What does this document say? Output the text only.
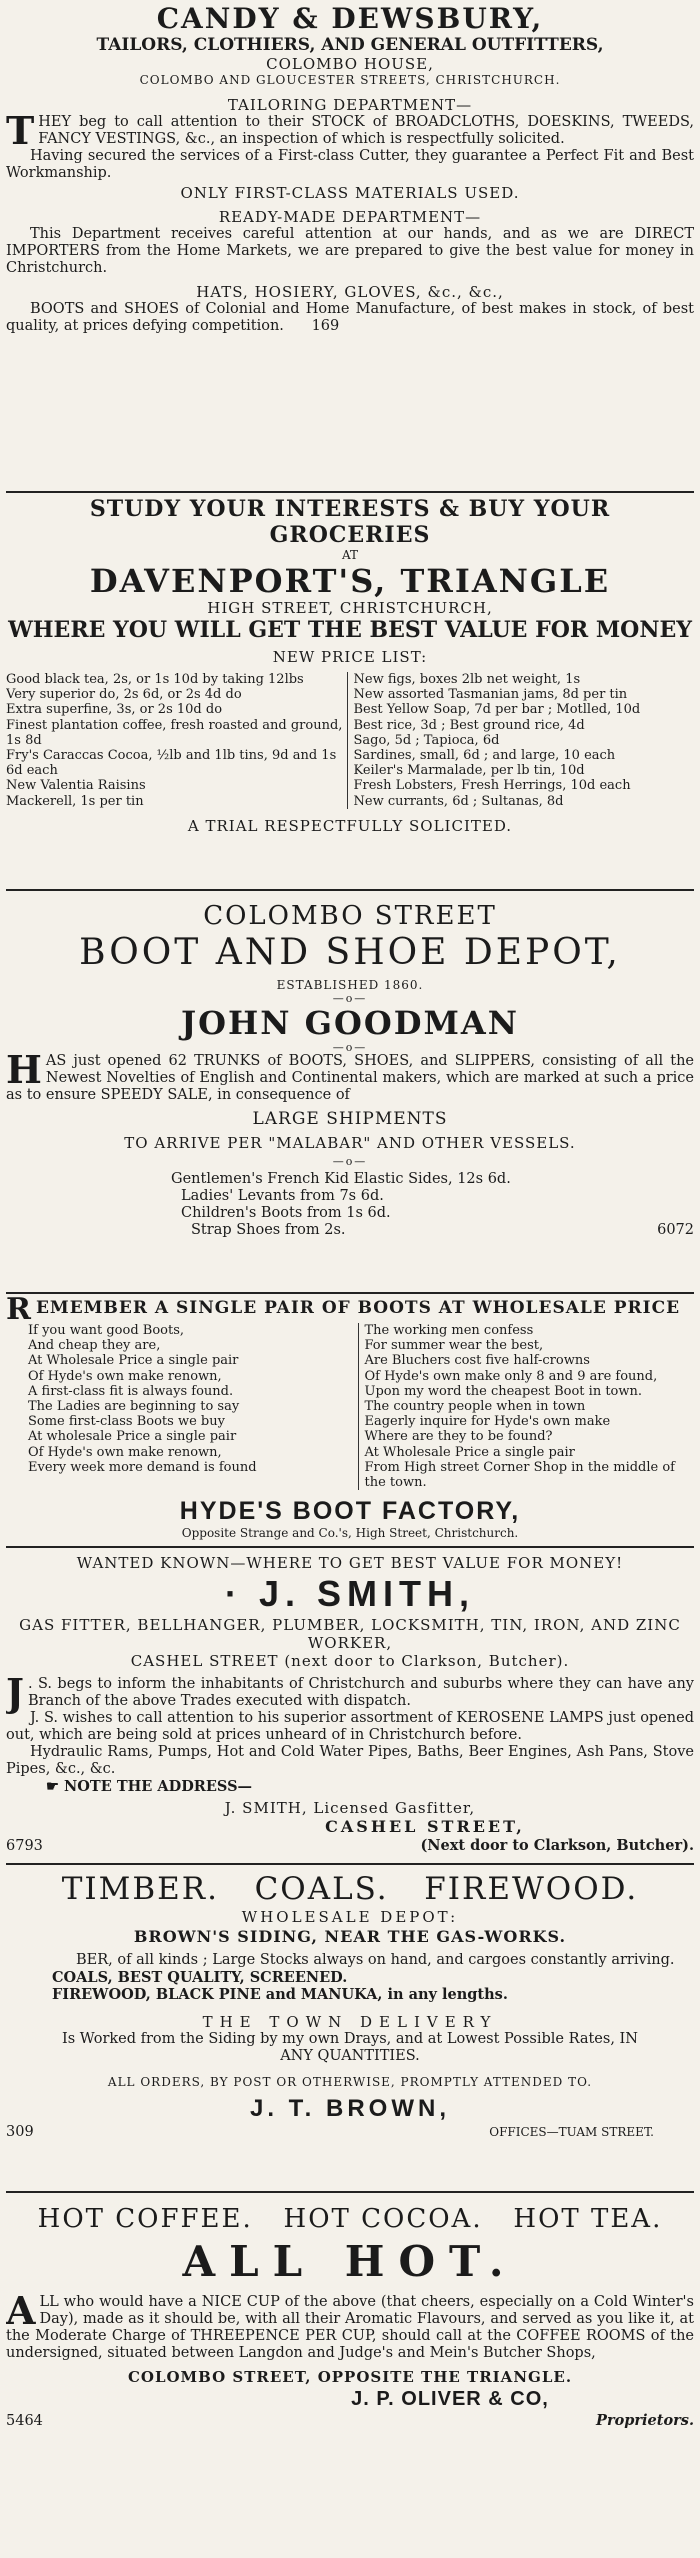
CANDY & DEWSBURY,
TAILORS, CLOTHIERS, AND GENERAL OUTFITTERS,
COLOMBO HOUSE,
COLOMBO AND GLOUCESTER STREETS, CHRISTCHURCH.
TAILORING DEPARTMENT—
THEY beg to call attention to their STOCK of BROADCLOTHS, DOESKINS, TWEEDS, FANCY VESTINGS, &c., an inspection of which is respectfully solicited.
Having secured the services of a First-class Cutter, they guarantee a Perfect Fit and Best Workmanship.
ONLY FIRST-CLASS MATERIALS USED.
READY-MADE DEPARTMENT—
This Department receives careful attention at our hands, and as we are DIRECT IMPORTERS from the Home Markets, we are prepared to give the best value for money in Christchurch.
HATS, HOSIERY, GLOVES, &c., &c.,
BOOTS and SHOES of Colonial and Home Manufacture, of best makes in stock, of best quality, at prices defying competition. 169
STUDY YOUR INTERESTS & BUY YOUR GROCERIES
AT
DAVENPORT'S, TRIANGLE
HIGH STREET, CHRISTCHURCH,
WHERE YOU WILL GET THE BEST VALUE FOR MONEY
NEW PRICE LIST:
Good black tea, 2s, or 1s 10d by taking 12lbs
Very superior do, 2s 6d, or 2s 4d do
Extra superfine, 3s, or 2s 10d do
Finest plantation coffee, fresh roasted and ground, 1s 8d
Fry's Caraccas Cocoa, ½lb and 1lb tins, 9d and 1s 6d each
New Valentia Raisins
Mackerell, 1s per tin
New figs, boxes 2lb net weight, 1s
New assorted Tasmanian jams, 8d per tin
Best Yellow Soap, 7d per bar ; Motlled, 10d
Best rice, 3d ; Best ground rice, 4d
Sago, 5d ; Tapioca, 6d
Sardines, small, 6d ; and large, 10 each
Keiler's Marmalade, per lb tin, 10d
Fresh Lobsters, Fresh Herrings, 10d each
New currants, 6d ; Sultanas, 8d
A TRIAL RESPECTFULLY SOLICITED.
COLOMBO STREET
BOOT AND SHOE DEPOT,
ESTABLISHED 1860.
—o—
JOHN GOODMAN
—o—
HAS just opened 62 TRUNKS of BOOTS, SHOES, and SLIPPERS, consisting of all the Newest Novelties of English and Continental makers, which are marked at such a price as to ensure SPEEDY SALE, in consequence of
LARGE SHIPMENTS
TO ARRIVE PER "MALABAR" AND OTHER VESSELS.
—o—
Gentlemen's French Kid Elastic Sides, 12s 6d.
Ladies' Levants from 7s 6d.
Children's Boots from 1s 6d.
Strap Shoes from 2s.	6072
REMEMBER A SINGLE PAIR OF BOOTS AT WHOLESALE PRICE
If you want good Boots,
And cheap they are,
At Wholesale Price a single pair
Of Hyde's own make renown,
A first-class fit is always found.
The Ladies are beginning to say
Some first-class Boots we buy
At wholesale Price a single pair
Of Hyde's own make renown,
Every week more demand is found
The working men confess
For summer wear the best,
Are Bluchers cost five half-crowns
Of Hyde's own make only 8 and 9 are found,
Upon my word the cheapest Boot in town.
The country people when in town
Eagerly inquire for Hyde's own make
Where are they to be found?
At Wholesale Price a single pair
From High street Corner Shop in the middle of the town.
HYDE'S BOOT FACTORY,
Opposite Strange and Co.'s, High Street, Christchurch.
WANTED KNOWN—WHERE TO GET BEST VALUE FOR MONEY!
· J. SMITH,
GAS FITTER, BELLHANGER, PLUMBER, LOCKSMITH, TIN, IRON, AND ZINC WORKER,
CASHEL STREET (next door to Clarkson, Butcher).
J . S. begs to inform the inhabitants of Christchurch and suburbs where they can have any Branch of the above Trades executed with dispatch.
J. S. wishes to call attention to his superior assortment of KEROSENE LAMPS just opened out, which are being sold at prices unheard of in Christchurch before.
Hydraulic Rams, Pumps, Hot and Cold Water Pipes, Baths, Beer Engines, Ash Pans, Stove Pipes, &c., &c.
☛ NOTE THE ADDRESS—
J. SMITH, Licensed Gasfitter,
CASHEL STREET,
6793	(Next door to Clarkson, Butcher).
TIMBER.   COALS.   FIREWOOD.
WHOLESALE DEPOT:
BROWN'S SIDING, NEAR THE GAS-WORKS.
BER, of all kinds ; Large Stocks always on hand, and cargoes constantly arriving.
COALS, BEST QUALITY, SCREENED.
FIREWOOD, BLACK PINE and MANUKA, in any lengths.
THE TOWN DELIVERY
Is Worked from the Siding by my own Drays, and at Lowest Possible Rates, IN ANY QUANTITIES.
ALL ORDERS, BY POST OR OTHERWISE, PROMPTLY ATTENDED TO.
J. T. BROWN,
309	OFFICES—TUAM STREET.
HOT COFFEE.   HOT COCOA.   HOT TEA.
ALL HOT.
ALL who would have a NICE CUP of the above (that cheers, especially on a Cold Winter's Day), made as it should be, with all their Aromatic Flavours, and served as you like it, at the Moderate Charge of THREEPENCE PER CUP, should call at the COFFEE ROOMS of the undersigned, situated between Langdon and Judge's and Mein's Butcher Shops,
COLOMBO STREET, OPPOSITE THE TRIANGLE.
J. P. OLIVER & CO,
5464	Proprietors.
